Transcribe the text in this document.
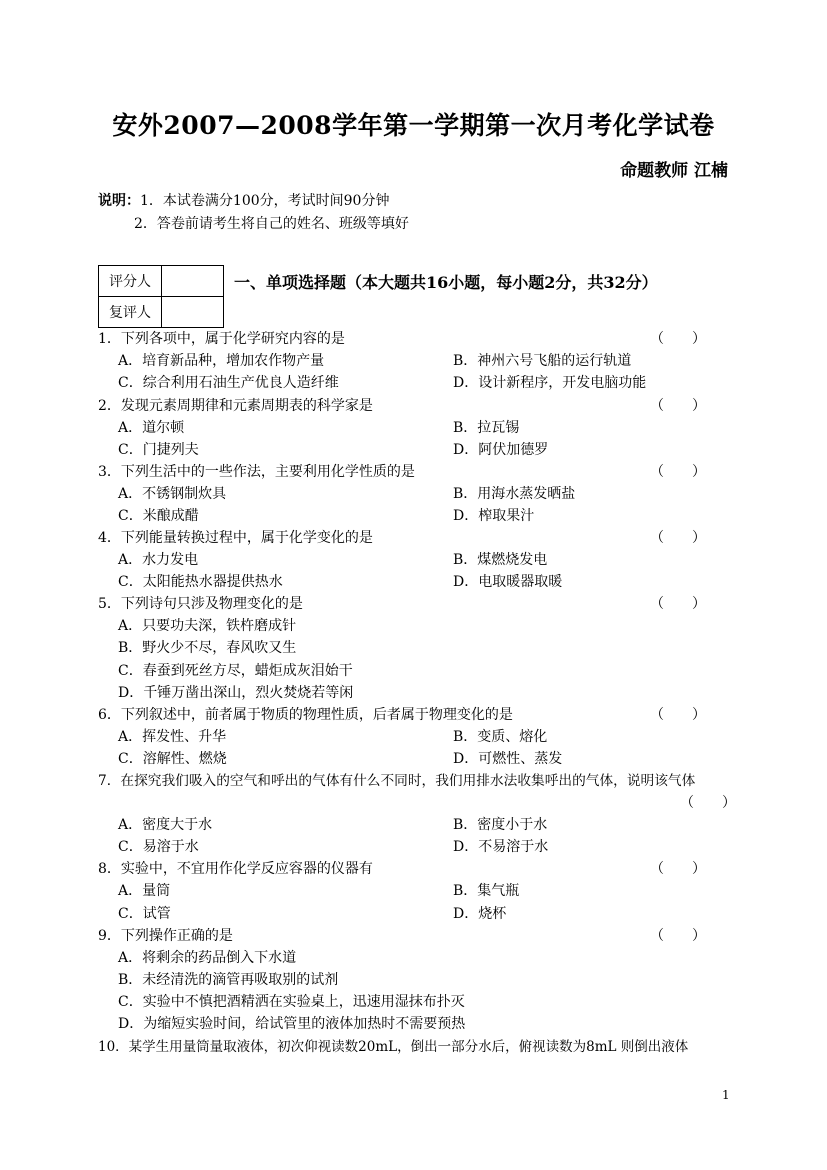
安外2007—2008学年第一学期第一次月考化学试卷
命题教师 江楠
说明：1．本试卷满分100分，考试时间90分钟
2．答卷前请考生将自己的姓名、班级等填好
评分人	
复评人	
一、单项选择题（本大题共16小题，每小题2分，共32分）
1．下列各项中，属于化学研究内容的是	（　　）
A．培育新品种，增加农作物产量	B．神州六号飞船的运行轨道
C．综合利用石油生产优良人造纤维	D．设计新程序，开发电脑功能
2．发现元素周期律和元素周期表的科学家是	（　　）
A．道尔顿	B．拉瓦锡
C．门捷列夫	D．阿伏加德罗
3．下列生活中的一些作法，主要利用化学性质的是	（　　）
A．不锈钢制炊具	B．用海水蒸发晒盐
C．米酿成醋	D．榨取果汁
4．下列能量转换过程中，属于化学变化的是	（　　）
A．水力发电	B．煤燃烧发电
C．太阳能热水器提供热水	D．电取暖器取暖
5．下列诗句只涉及物理变化的是	（　　）
A．只要功夫深，铁杵磨成针
B．野火少不尽，春风吹又生
C．春蚕到死丝方尽，蜡炬成灰泪始干
D．千锤万凿出深山，烈火焚烧若等闲
6．下列叙述中，前者属于物质的物理性质，后者属于物理变化的是	（　　）
A．挥发性、升华	B．变质、熔化
C．溶解性、燃烧	D．可燃性、蒸发
7．在探究我们吸入的空气和呼出的气体有什么不同时，我们用排水法收集呼出的气体，说明该气体
（　　）
A．密度大于水	B．密度小于水
C．易溶于水	D．不易溶于水
8．实验中，不宜用作化学反应容器的仪器有	（　　）
A．量筒	B．集气瓶
C．试管	D．烧杯
9．下列操作正确的是	（　　）
A．将剩余的药品倒入下水道
B．未经清洗的滴管再吸取别的试剂
C．实验中不慎把酒精洒在实验桌上，迅速用湿抹布扑灭
D．为缩短实验时间，给试管里的液体加热时不需要预热
10．某学生用量筒量取液体，初次仰视读数20mL，倒出一部分水后，俯视读数为8mL 则倒出液体
1
